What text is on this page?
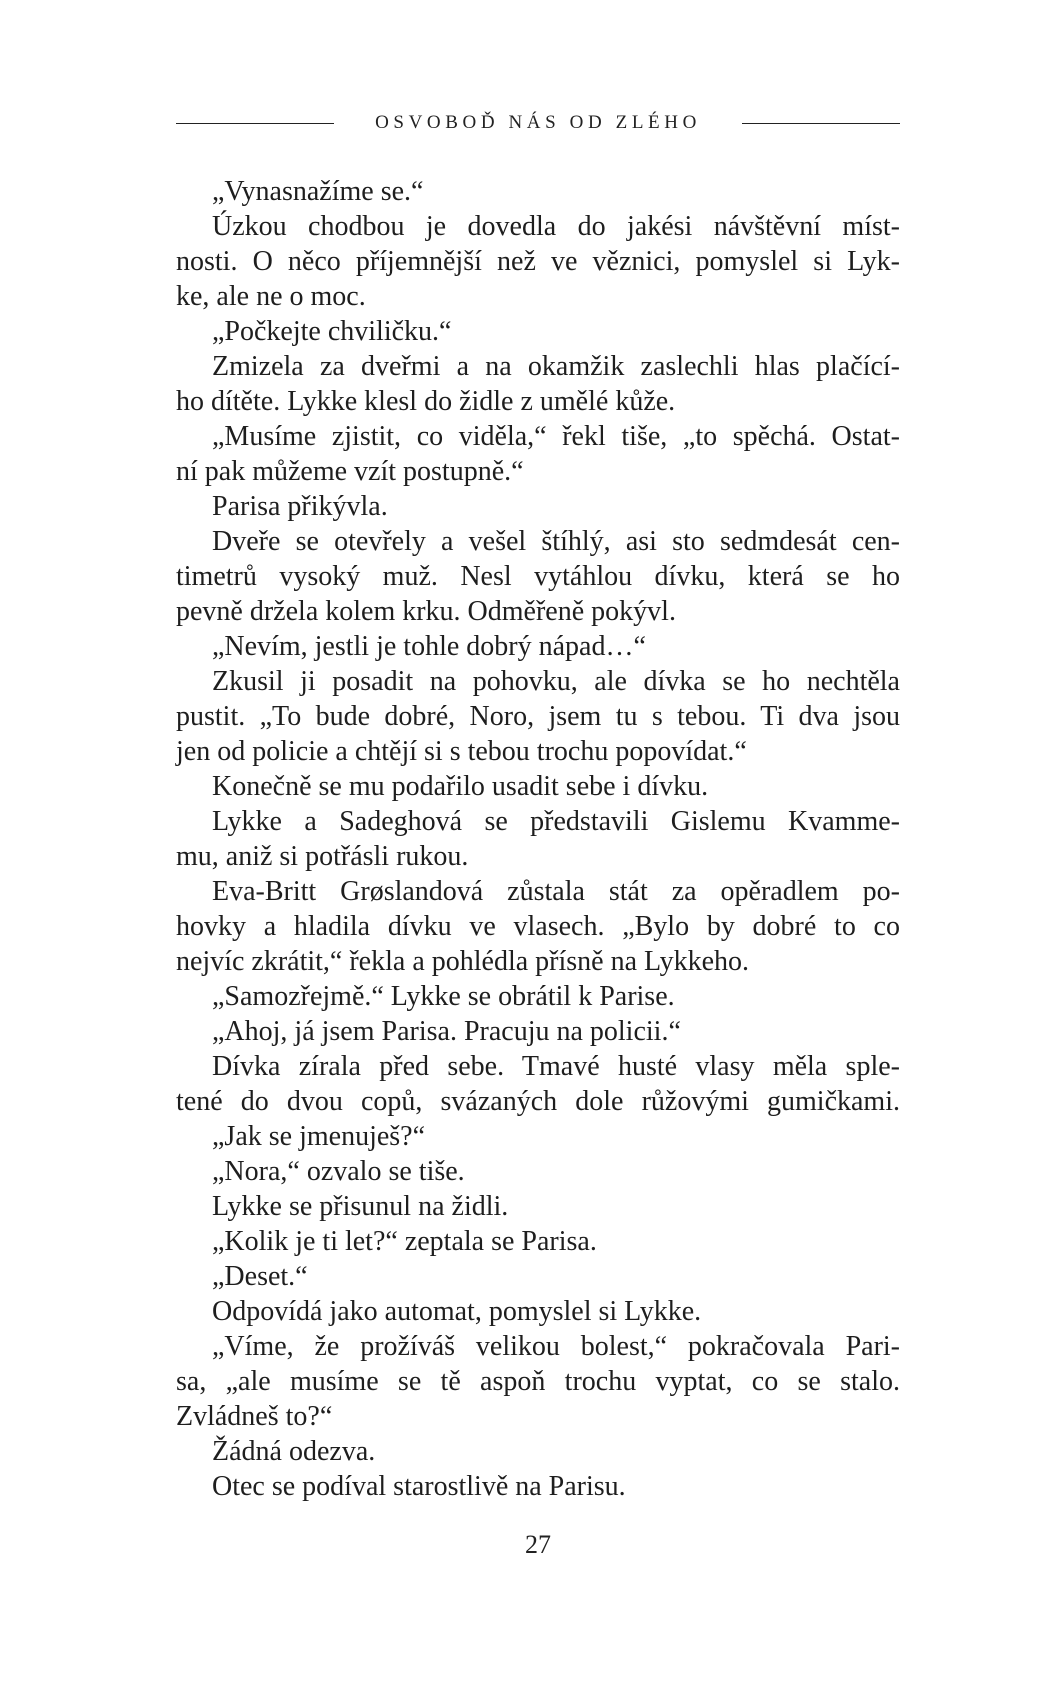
OSVOBOĎ NÁS OD ZLÉHO
„Vynasnažíme se.“
Úzkou chodbou je dovedla do jakési návštěvní míst-
nosti. O něco příjemnější než ve věznici, pomyslel si Lyk-
ke, ale ne o moc.
„Počkejte chviličku.“
Zmizela za dveřmi a na okamžik zaslechli hlas plačící-
ho dítěte. Lykke klesl do židle z umělé kůže.
„Musíme zjistit, co viděla,“ řekl tiše, „to spěchá. Ostat-
ní pak můžeme vzít postupně.“
Parisa přikývla.
Dveře se otevřely a vešel štíhlý, asi sto sedmdesát cen-
timetrů vysoký muž. Nesl vytáhlou dívku, která se ho
pevně držela kolem krku. Odměřeně pokývl.
„Nevím, jestli je tohle dobrý nápad…“
Zkusil ji posadit na pohovku, ale dívka se ho nechtěla
pustit. „To bude dobré, Noro, jsem tu s tebou. Ti dva jsou
jen od policie a chtějí si s tebou trochu popovídat.“
Konečně se mu podařilo usadit sebe i dívku.
Lykke a Sadeghová se představili Gislemu Kvamme-
mu, aniž si potřásli rukou.
Eva-Britt Grøslandová zůstala stát za opěradlem po-
hovky a hladila dívku ve vlasech. „Bylo by dobré to co
nejvíc zkrátit,“ řekla a pohlédla přísně na Lykkeho.
„Samozřejmě.“ Lykke se obrátil k Parise.
„Ahoj, já jsem Parisa. Pracuju na policii.“
Dívka zírala před sebe. Tmavé husté vlasy měla sple-
tené do dvou copů, svázaných dole růžovými gumičkami.
„Jak se jmenuješ?“
„Nora,“ ozvalo se tiše.
Lykke se přisunul na židli.
„Kolik je ti let?“ zeptala se Parisa.
„Deset.“
Odpovídá jako automat, pomyslel si Lykke.
„Víme, že prožíváš velikou bolest,“ pokračovala Pari-
sa, „ale musíme se tě aspoň trochu vyptat, co se stalo.
Zvládneš to?“
Žádná odezva.
Otec se podíval starostlivě na Parisu.
27
